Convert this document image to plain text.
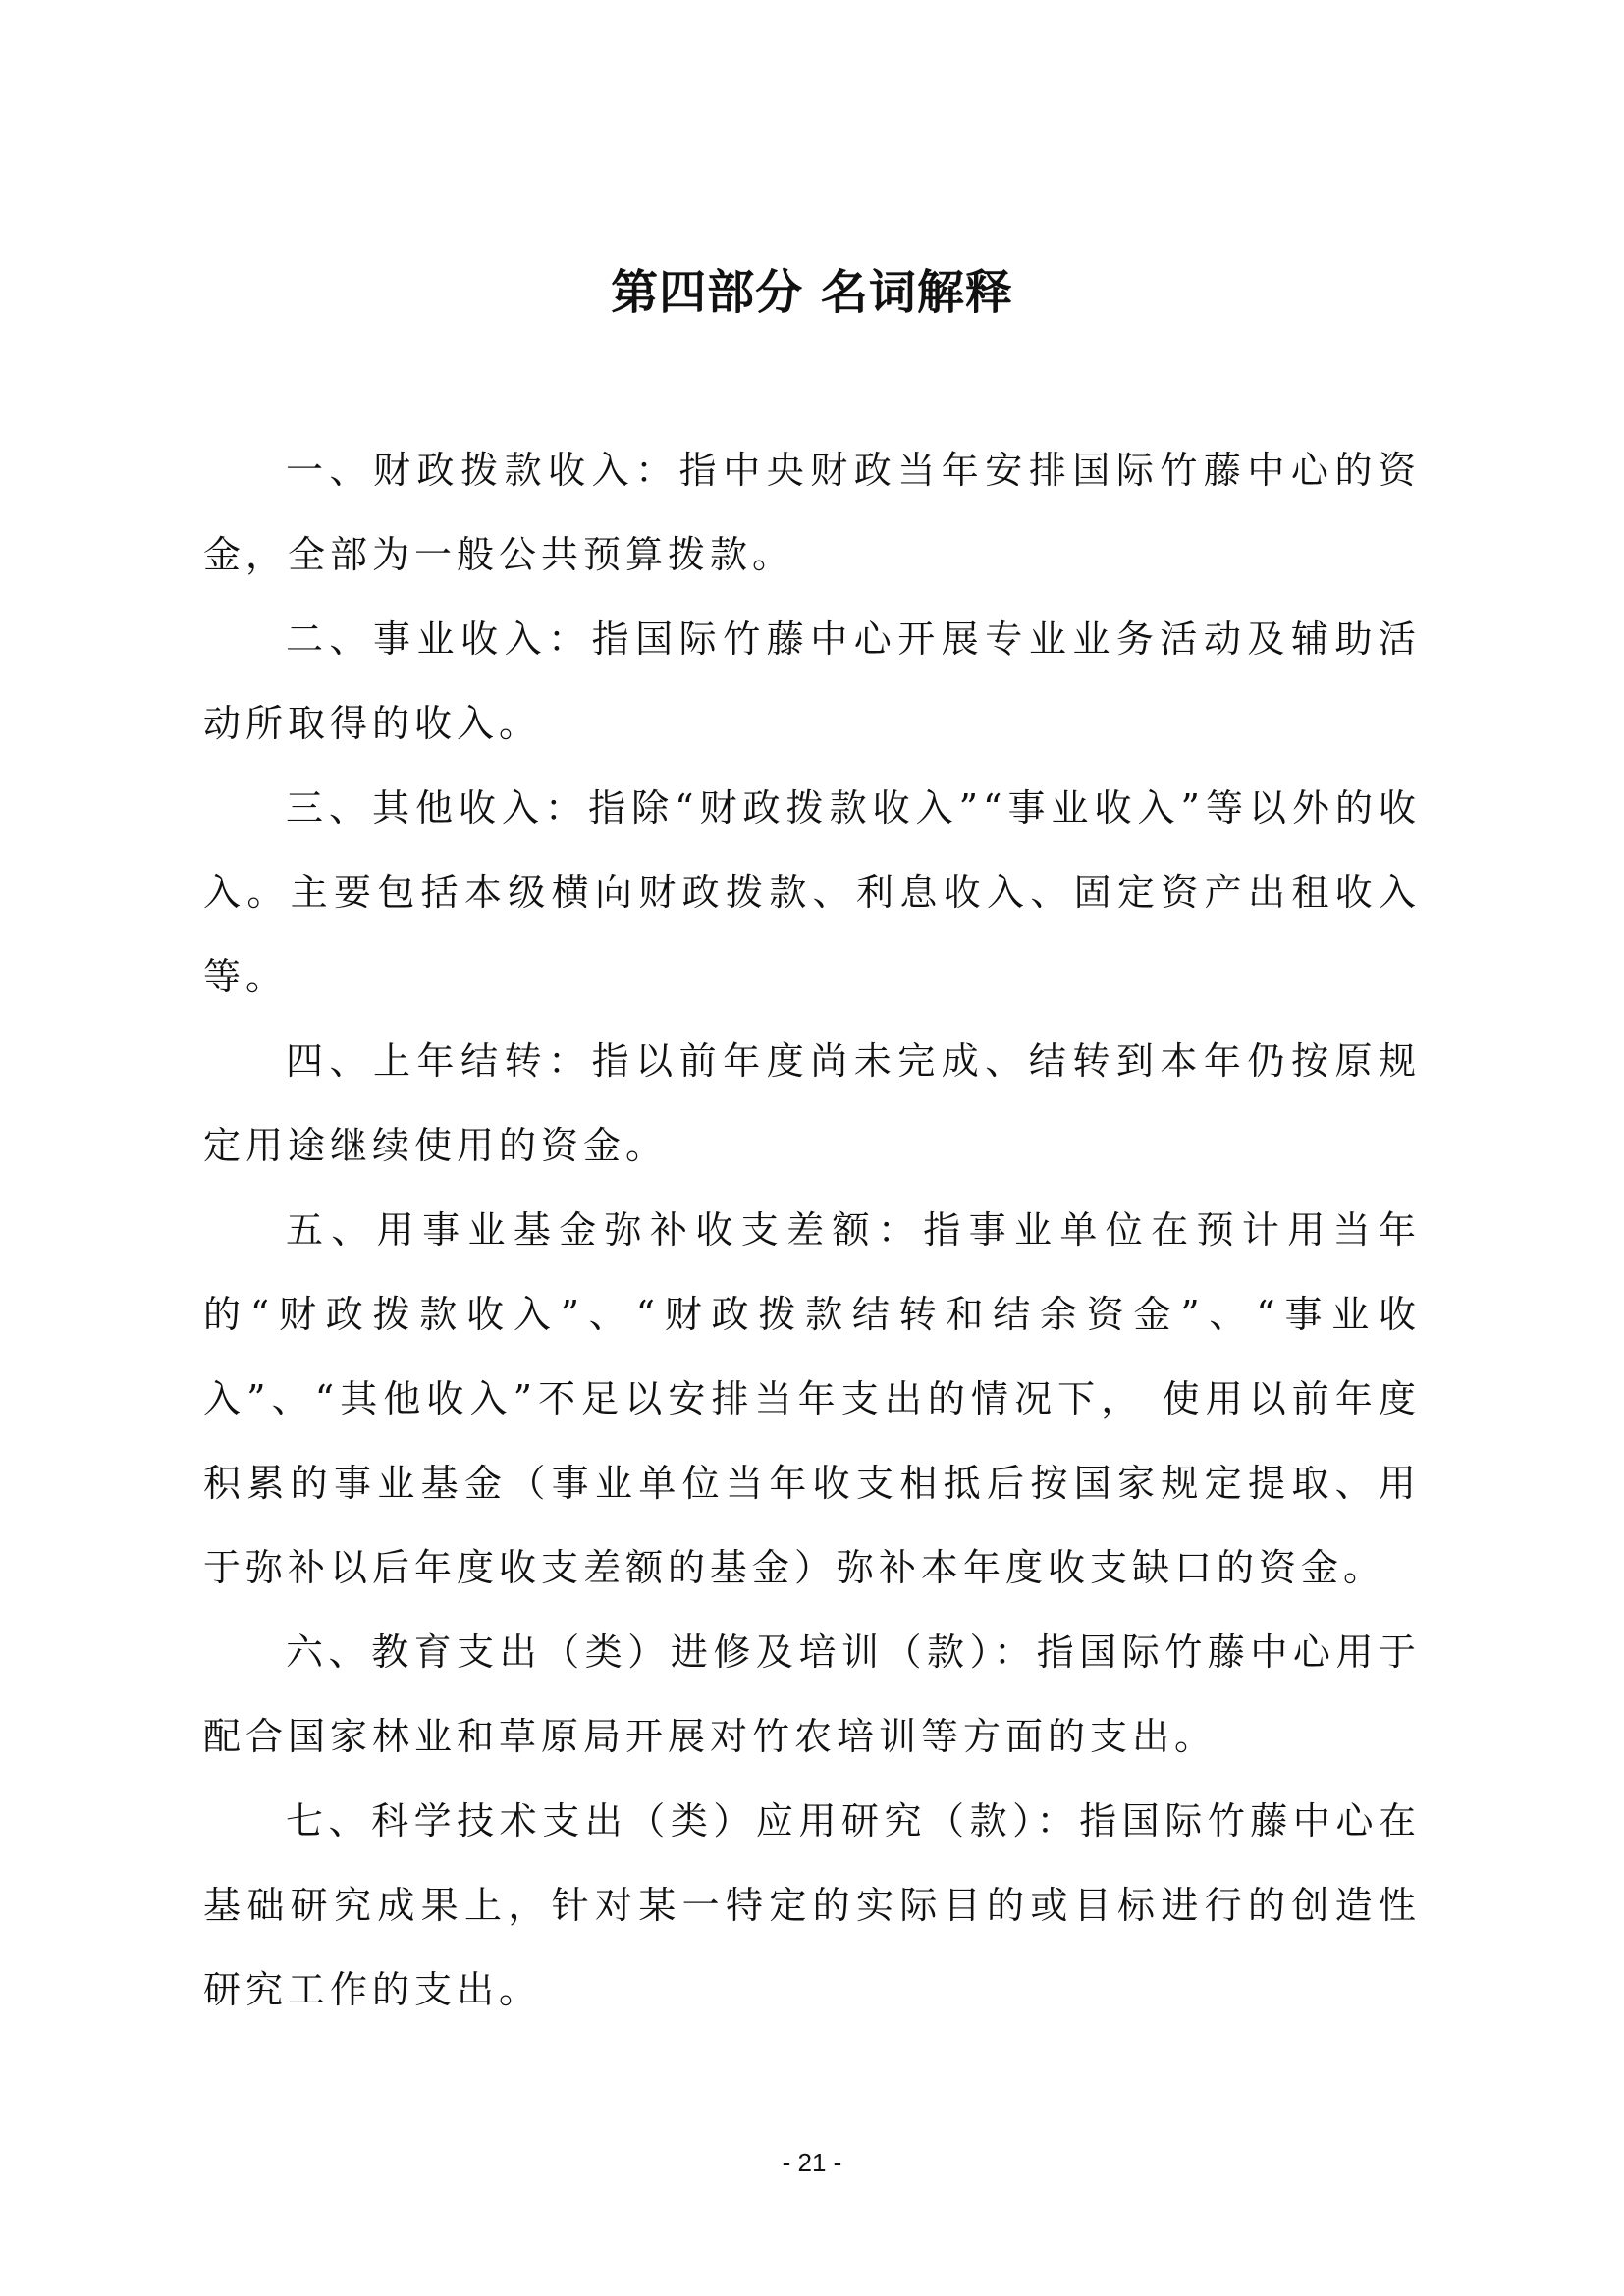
第四部分 名词解释

一、财政拨款收入：指中央财政当年安排国际竹藤中心的资金，全部为一般公共预算拨款。

二、事业收入：指国际竹藤中心开展专业业务活动及辅助活动所取得的收入。

三、其他收入：指除“财政拨款收入”“事业收入”等以外的收入。主要包括本级横向财政拨款、利息收入、固定资产出租收入等。

四、上年结转：指以前年度尚未完成、结转到本年仍按原规定用途继续使用的资金。

五、用事业基金弥补收支差额：指事业单位在预计用当年的“财政拨款收入”、“财政拨款结转和结余资金”、“事业收入”、“其他收入”不足以安排当年支出的情况下， 使用以前年度积累的事业基金（事业单位当年收支相抵后按国家规定提取、用于弥补以后年度收支差额的基金）弥补本年度收支缺口的资金。

六、教育支出（类）进修及培训（款）：指国际竹藤中心用于配合国家林业和草原局开展对竹农培训等方面的支出。

七、科学技术支出（类）应用研究（款）：指国际竹藤中心在基础研究成果上，针对某一特定的实际目的或目标进行的创造性研究工作的支出。

- 21 -
